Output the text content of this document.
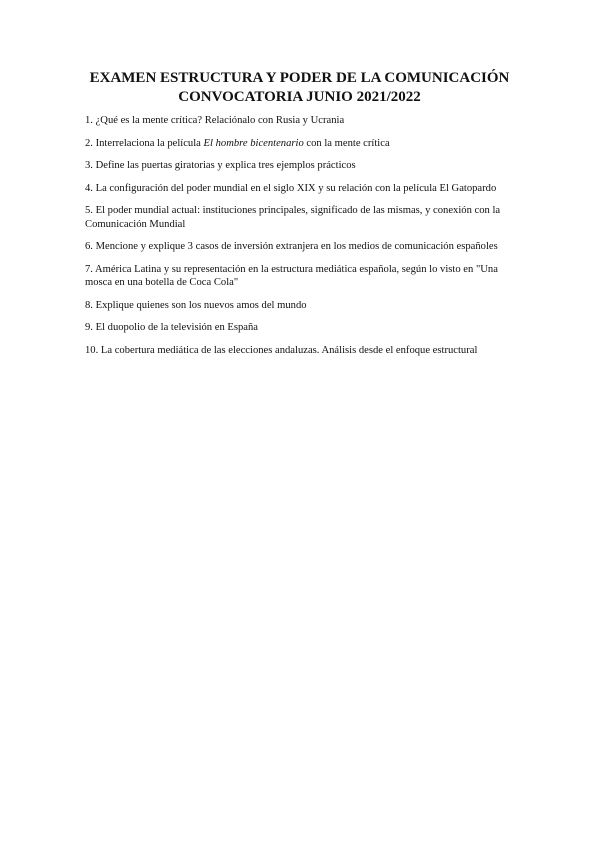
EXAMEN ESTRUCTURA Y PODER DE LA COMUNICACIÓN
CONVOCATORIA JUNIO 2021/2022
1. ¿Qué es la mente crítica? Relaciónalo con Rusia y Ucrania
2. Interrelaciona la película El hombre bicentenario con la mente crítica
3. Define las puertas giratorias y explica tres ejemplos prácticos
4. La configuración del poder mundial en el siglo XIX y su relación con la película El Gatopardo
5. El poder mundial actual: instituciones principales, significado de las mismas, y conexión con la Comunicación Mundial
6. Mencione y explique 3 casos de inversión extranjera en los medios de comunicación españoles
7. América Latina y su representación en la estructura mediática española, según lo visto en "Una mosca en una botella de Coca Cola"
8. Explique quienes son los nuevos amos del mundo
9. El duopolio de la televisión en España
10. La cobertura mediática de las elecciones andaluzas. Análisis desde el enfoque estructural
